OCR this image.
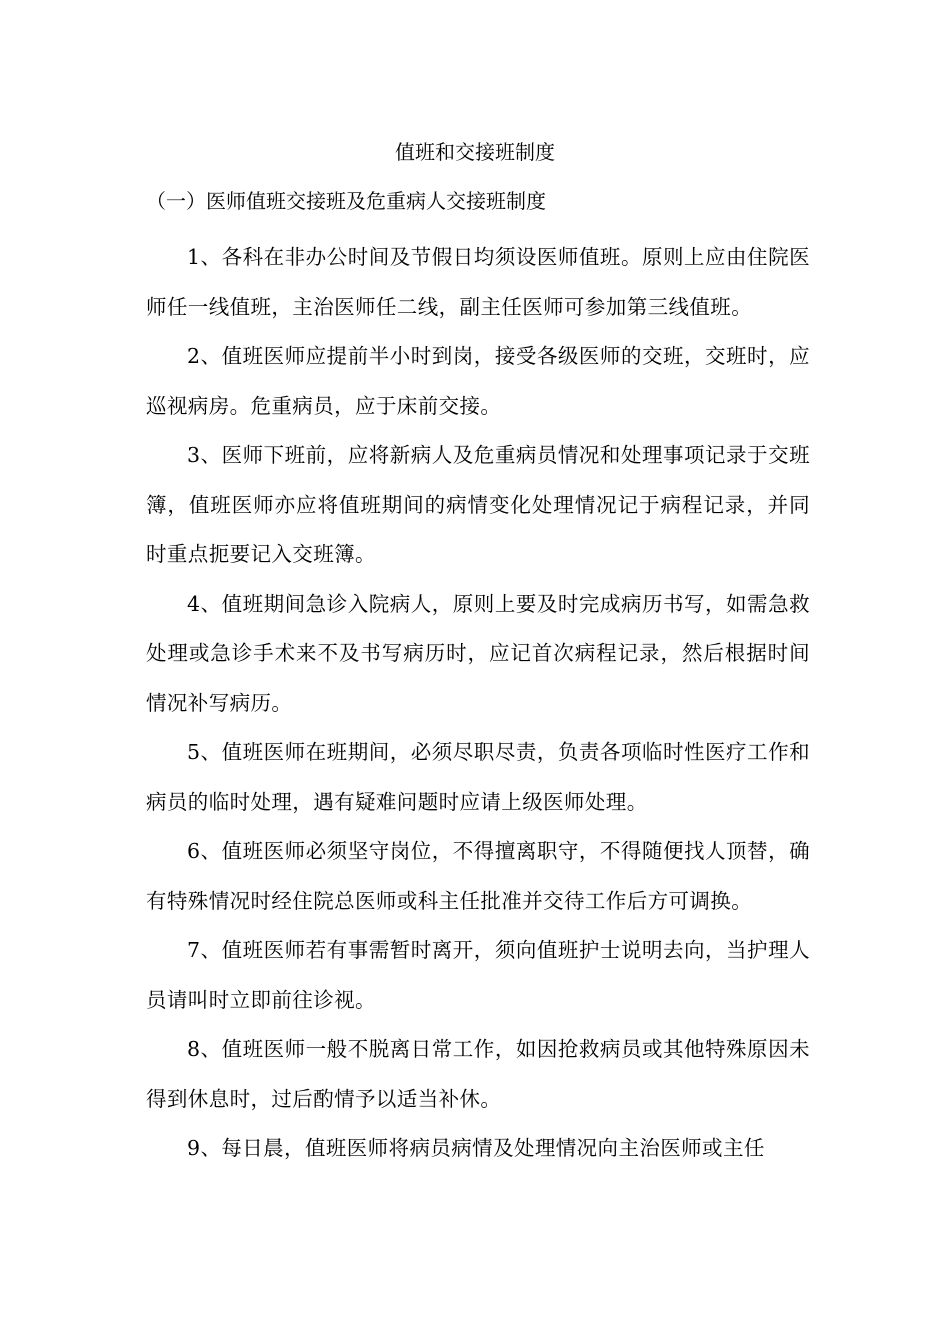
值班和交接班制度
（一）医师值班交接班及危重病人交接班制度

1、各科在非办公时间及节假日均须设医师值班。原则上应由住院医师任一线值班，主治医师任二线，副主任医师可参加第三线值班。

2、值班医师应提前半小时到岗，接受各级医师的交班，交班时，应巡视病房。危重病员，应于床前交接。

3、医师下班前，应将新病人及危重病员情况和处理事项记录于交班簿，值班医师亦应将值班期间的病情变化处理情况记于病程记录，并同时重点扼要记入交班簿。

4、值班期间急诊入院病人，原则上要及时完成病历书写，如需急救处理或急诊手术来不及书写病历时，应记首次病程记录，然后根据时间情况补写病历。

5、值班医师在班期间，必须尽职尽责，负责各项临时性医疗工作和病员的临时处理，遇有疑难问题时应请上级医师处理。

6、值班医师必须坚守岗位，不得擅离职守，不得随便找人顶替，确有特殊情况时经住院总医师或科主任批准并交待工作后方可调换。

7、值班医师若有事需暂时离开，须向值班护士说明去向，当护理人员请叫时立即前往诊视。

8、值班医师一般不脱离日常工作，如因抢救病员或其他特殊原因未得到休息时，过后酌情予以适当补休。

9、每日晨，值班医师将病员病情及处理情况向主治医师或主任
